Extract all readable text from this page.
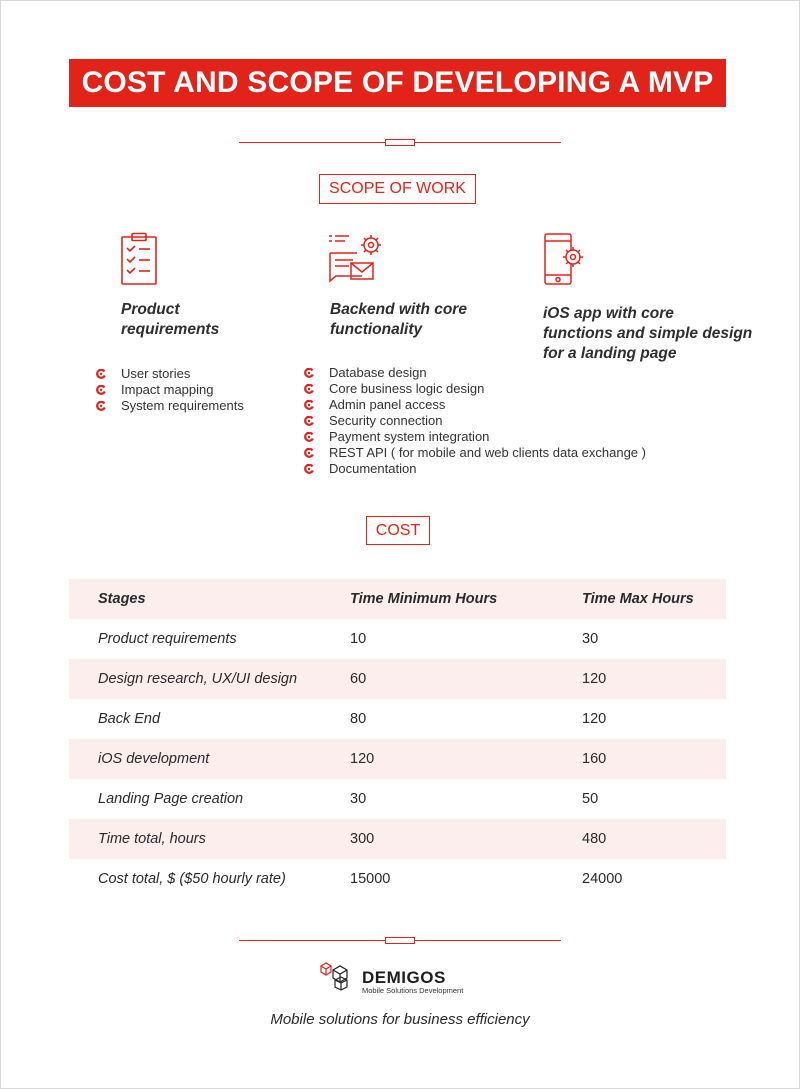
COST AND SCOPE OF DEVELOPING A MVP
SCOPE OF WORK
Product
requirements
Backend with core
functionality
iOS app with core
functions and simple design
for a landing page
User stories
Impact mapping
System requirements
Database design
Core business logic design
Admin panel access
Security connection
Payment system integration
REST API ( for mobile and web clients data exchange )
Documentation
COST
Stages	Time Minimum Hours	Time Max Hours
Product requirements	10	30
Design research, UX/UI design	60	120
Back End	80	120
iOS development	120	160
Landing Page creation	30	50
Time total, hours	300	480
Cost total, $ ($50 hourly rate)	15000	24000
DEMIGOS
Mobile Solutions Development
Mobile solutions for business efficiency
